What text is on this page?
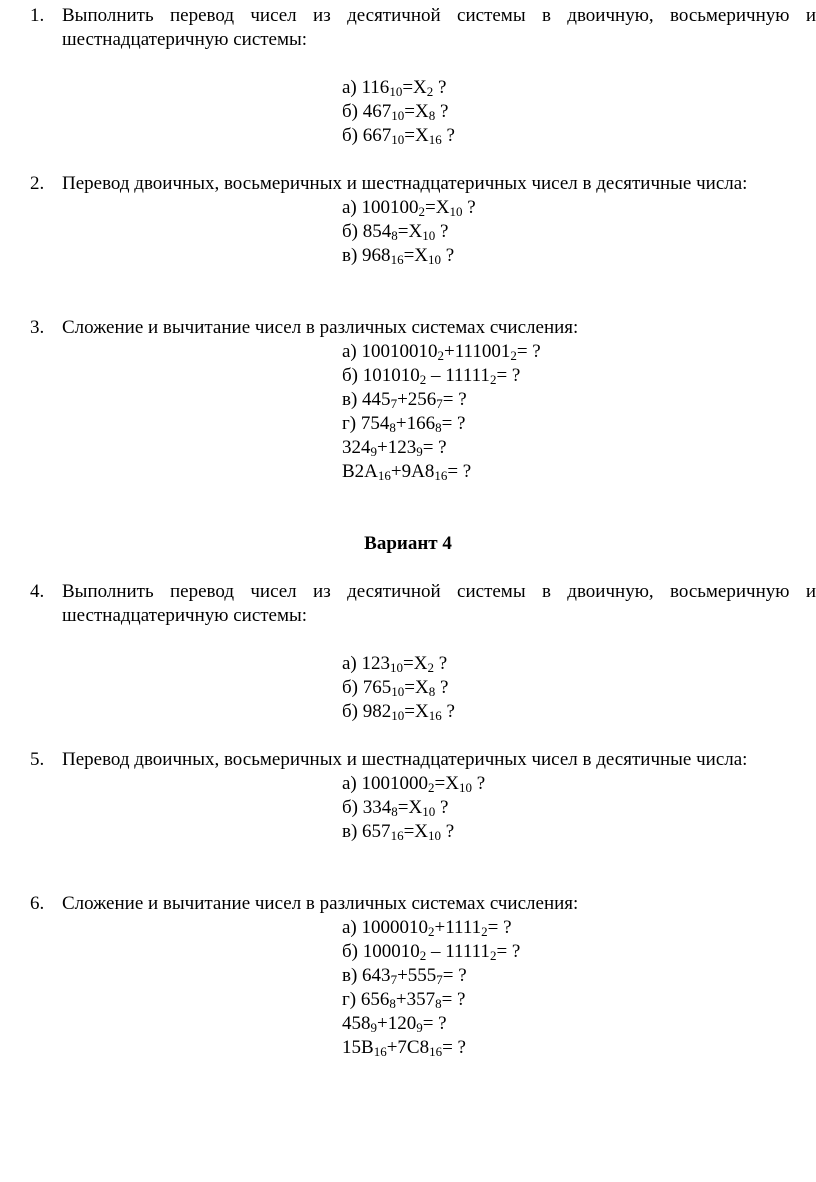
1. Выполнить перевод чисел из десятичной системы в двоичную, восьмеричную и
шестнадцатеричную системы:
а) $116_{10}=X_2$ ?
б) $467_{10}=X_8$ ?
б) $667_{10}=X_{16}$ ?
2. Перевод двоичных, восьмеричных и шестнадцатеричных чисел в десятичные числа:
а) $100100_2=X_{10}$ ?
б) $854_8=X_{10}$ ?
в) $968_{16}=X_{10}$ ?
3. Сложение и вычитание чисел в различных системах счисления:
а) $10010010_2+111001_2=$ ?
б) $101010_2 - 11111_2=$ ?
в) $445_7+256_7=$ ?
г) $754_8+166_8=$ ?
$324_9+123_9=$ ?
$B2A_{16}+9A8_{16}=$ ?
Вариант 4
4. Выполнить перевод чисел из десятичной системы в двоичную, восьмеричную и
шестнадцатеричную системы:
а) $123_{10}=X_2$ ?
б) $765_{10}=X_8$ ?
б) $982_{10}=X_{16}$ ?
5. Перевод двоичных, восьмеричных и шестнадцатеричных чисел в десятичные числа:
а) $1001000_2=X_{10}$ ?
б) $334_8=X_{10}$ ?
в) $657_{16}=X_{10}$ ?
6. Сложение и вычитание чисел в различных системах счисления:
а) $1000010_2+1111_2=$ ?
б) $100010_2 - 11111_2=$ ?
в) $643_7+555_7=$ ?
г) $656_8+357_8=$ ?
$458_9+120_9=$ ?
$15B_{16}+7C8_{16}=$ ?
